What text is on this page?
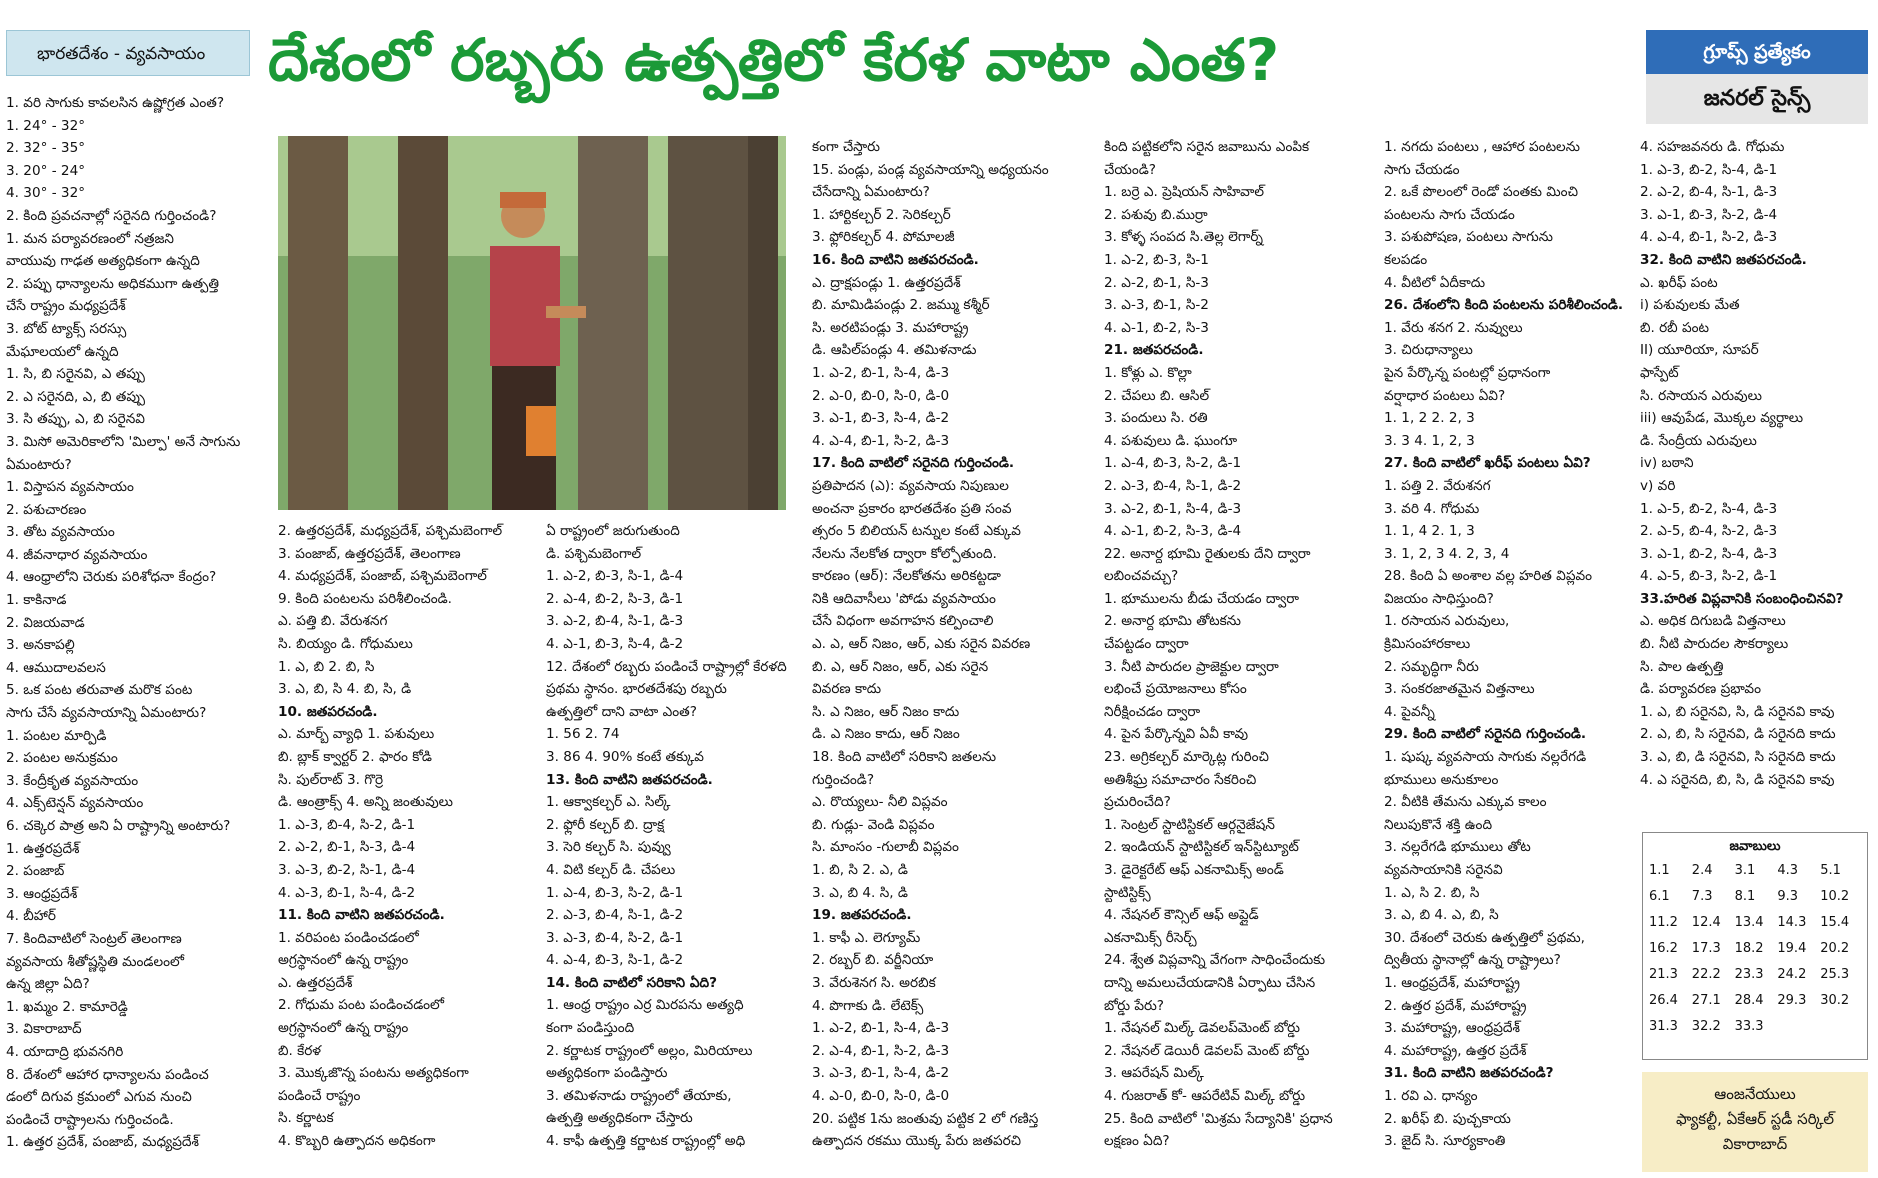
భారతదేశం - వ్యవసాయం	దేశంలో రబ్బరు ఉత్పత్తిలో కేరళ వాటా ఎంత?	గ్రూప్స్ ప్రత్యేకం
జనరల్ సైన్స్
1. వరి సాగుకు కావలసిన ఉష్ణోగ్రత ఎంత?
1. 24° - 32°
2. 32° - 35°
3. 20° - 24°
4. 30° - 32°
2. కింది ప్రవచనాల్లో సరైనది గుర్తించండి?
1. మన పర్యావరణంలో నత్రజని
వాయువు గాఢత అత్యధికంగా ఉన్నది
2. పప్పు ధాన్యాలను అధికముగా ఉత్పత్తి
చేసే రాష్ట్రం మధ్యప్రదేశ్
3. బోట్ ట్యాక్స్ సరస్సు
మేఘాలయలో ఉన్నది
1. సి, బి సరైనవి, ఎ తప్పు
2. ఎ సరైనది, ఎ, బి తప్పు
3. సి తప్పు, ఎ, బి సరైనవి
3. మిసో అమెరికాలోని 'మిల్పా' అనే సాగును
ఏమంటారు?
1. విస్తాపన వ్యవసాయం
2. పశుచారణం
3. తోట వ్యవసాయం
4. జీవనాధార వ్యవసాయం
4. ఆంధ్రాలోని చెరుకు పరిశోధనా కేంద్రం?
1. కాకినాడ
2. విజయవాడ
3. అనకాపల్లి
4. ఆముదాలవలస
5. ఒక పంట తరువాత మరొక పంట
సాగు చేసే వ్యవసాయాన్ని ఏమంటారు?
1. పంటల మార్పిడి
2. పంటల అనుక్రమం
3. కేంద్రీకృత వ్యవసాయం
4. ఎక్స్‌టెన్షన్ వ్యవసాయం
6. చక్కెర పాత్ర అని ఏ రాష్ట్రాన్ని అంటారు?
1. ఉత్తరప్రదేశ్
2. పంజాబ్
3. ఆంధ్రప్రదేశ్
4. బీహార్
7. కిందివాటిలో సెంట్రల్ తెలంగాణ
వ్యవసాయ శీతోష్ణస్థితి మండలంలో
ఉన్న జిల్లా ఏది?
1. ఖమ్మం 2. కామారెడ్డి
3. వికారాబాద్
4. యాదాద్రి భువనగిరి
8. దేశంలో ఆహార ధాన్యాలను పండించ
డంలో దిగువ క్రమంలో ఎగువ నుంచి
పండించే రాష్ట్రాలను గుర్తించండి.
1. ఉత్తర ప్రదేశ్, పంజాబ్, మధ్యప్రదేశ్
2. ఉత్తరప్రదేశ్, మధ్యప్రదేశ్, పశ్చిమబెంగాల్
3. పంజాబ్, ఉత్తరప్రదేశ్, తెలంగాణ
4. మధ్యప్రదేశ్, పంజాబ్, పశ్చిమబెంగాల్
9. కింది పంటలను పరిశీలించండి.
ఎ. పత్తి బి. వేరుశనగ
సి. బియ్యం డి. గోధుమలు
1. ఎ, బి 2. బి, సి
3. ఎ, బి, సి 4. బి, సి, డి
10. జతపరచండి.
ఎ. మార్బ్ వ్యాధి 1. పశువులు
బి. బ్లాక్ క్వార్టర్ 2. ఫారం కోడి
సి. పుల్‌రాట్ 3. గొర్రె
డి. ఆంత్రాక్స్ 4. అన్ని జంతువులు
1. ఎ-3, బి-4, సి-2, డి-1
2. ఎ-2, బి-1, సి-3, డి-4
3. ఎ-3, బి-2, సి-1, డి-4
4. ఎ-3, బి-1, సి-4, డి-2
11. కింది వాటిని జతపరచండి.
1. వరిపంట పండించడంలో
అగ్రస్థానంలో ఉన్న రాష్ట్రం
ఎ. ఉత్తరప్రదేశ్
2. గోధుమ పంట పండించడంలో
అగ్రస్థానంలో ఉన్న రాష్ట్రం
బి. కేరళ
3. మొక్కజొన్న పంటను అత్యధికంగా
పండించే రాష్ట్రం
సి. కర్ణాటక
4. కొబ్బరి ఉత్పాదన అధికంగా
ఏ రాష్ట్రంలో జరుగుతుంది
డి. పశ్చిమబెంగాల్
1. ఎ-2, బి-3, సి-1, డి-4
2. ఎ-4, బి-2, సి-3, డి-1
3. ఎ-2, బి-4, సి-1, డి-3
4. ఎ-1, బి-3, సి-4, డి-2
12. దేశంలో రబ్బరు పండించే రాష్ట్రాల్లో కేరళది
ప్రథమ స్థానం. భారతదేశపు రబ్బరు
ఉత్పత్తిలో దాని వాటా ఎంత?
1. 56 2. 74
3. 86 4. 90% కంటే తక్కువ
13. కింది వాటిని జతపరచండి.
1. ఆక్వాకల్చర్ ఎ. సిల్క్
2. ఫ్లోరీ కల్చర్ బి. ద్రాక్ష
3. సెరి కల్చర్ సి. పువ్వు
4. విటి కల్చర్ డి. చేపలు
1. ఎ-4, బి-3, సి-2, డి-1
2. ఎ-3, బి-4, సి-1, డి-2
3. ఎ-3, బి-4, సి-2, డి-1
4. ఎ-4, బి-3, సి-1, డి-2
14. కింది వాటిలో సరికాని ఏది?
1. ఆంధ్ర రాష్ట్రం ఎర్ర మిరపను అత్యధి
కంగా పండిస్తుంది
2. కర్ణాటక రాష్ట్రంలో అల్లం, మిరియాలు
అత్యధికంగా పండిస్తారు
3. తమిళనాడు రాష్ట్రంలో తేయాకు,
ఉత్పత్తి అత్యధికంగా చేస్తారు
4. కాఫీ ఉత్పత్తి కర్ణాటక రాష్ట్రంల్లో అధి
కంగా చేస్తారు
15. పండ్లు, పండ్ల వ్యవసాయాన్ని అధ్యయనం
చేసేదాన్ని ఏమంటారు?
1. హార్టికల్చర్ 2. సెరికల్చర్
3. ఫ్లోరికల్చర్ 4. పోమాలజీ
16. కింది వాటిని జతపరచండి.
ఎ. ద్రాక్షపండ్లు 1. ఉత్తరప్రదేశ్
బి. మామిడిపండ్లు 2. జమ్ము కశ్మీర్
సి. అరటిపండ్లు 3. మహారాష్ట్ర
డి. ఆపిల్‌పండ్లు 4. తమిళనాడు
1. ఎ-2, బి-1, సి-4, డి-3
2. ఎ-0, బి-0, సి-0, డి-0
3. ఎ-1, బి-3, సి-4, డి-2
4. ఎ-4, బి-1, సి-2, డి-3
17. కింది వాటిలో సరైనది గుర్తించండి.
ప్రతిపాదన (ఎ): వ్యవసాయ నిపుణుల
అంచనా ప్రకారం భారతదేశం ప్రతి సంవ
త్సరం 5 బిలియన్ టన్నుల కంటే ఎక్కువ
నేలను నేలకోత ద్వారా కోల్పోతుంది.
కారణం (ఆర్): నేలకోతను అరికట్టడా
నికి ఆదివాసీలు 'పోడు వ్యవసాయం
చేసే విధంగా అవగాహన కల్పించాలి
ఎ. ఎ, ఆర్ నిజం, ఆర్, ఎకు సరైన వివరణ
బి. ఎ, ఆర్ నిజం, ఆర్, ఎకు సరైన
వివరణ కాదు
సి. ఎ నిజం, ఆర్ నిజం కాదు
డి. ఎ నిజం కాదు, ఆర్ నిజం
18. కింది వాటిలో సరికాని జతలను
గుర్తించండి?
ఎ. రొయ్యలు- నీలి విప్లవం
బి. గుడ్లు- వెండి విప్లవం
సి. మాంసం -గులాబీ విప్లవం
1. బి, సి 2. ఎ, డి
3. ఎ, బి 4. సి, డి
19. జతపరచండి.
1. కాఫీ ఎ. లెగ్యూమ్
2. రబ్బర్ బి. వర్జీనియా
3. వేరుశెనగ సి. అరబిక
4. పొగాకు డి. లేటెక్స్
1. ఎ-2, బి-1, సి-4, డి-3
2. ఎ-4, బి-1, సి-2, డి-3
3. ఎ-3, బి-1, సి-4, డి-2
4. ఎ-0, బి-0, సి-0, డి-0
20. పట్టిక 1ను జంతువు పట్టిక 2 లో గణిస్త
ఉత్పాదన రకము యొక్క పేరు జతపరచి
కింది పట్టికలోని సరైన జవాబును ఎంపిక
చేయండి?
1. బర్రె ఎ. ప్రెషియన్ సాహివాల్
2. పశువు బి.ముర్రా
3. కోళ్ళ సంపద సి.తెల్ల లెగార్న్
1. ఎ-2, బి-3, సి-1
2. ఎ-2, బి-1, సి-3
3. ఎ-3, బి-1, సి-2
4. ఎ-1, బి-2, సి-3
21. జతపరచండి.
1. కోళ్లు ఎ. కొల్లా
2. చేపలు బి. ఆసిల్
3. పందులు సి. రతి
4. పశువులు డి. ఘుంగూ
1. ఎ-4, బి-3, సి-2, డి-1
2. ఎ-3, బి-4, సి-1, డి-2
3. ఎ-2, బి-1, సి-4, డి-3
4. ఎ-1, బి-2, సి-3, డి-4
22. అనార్ద భూమి రైతులకు దేని ద్వారా
లబించవచ్చు?
1. భూములను బీడు చేయడం ద్వారా
2. అనార్ద భూమి తోటకను
చేపట్టడం ద్వారా
3. నీటి పారుదల ప్రాజెక్టుల ద్వారా
లభించే ప్రయోజనాలు కోసం
నిరీక్షించడం ద్వారా
4. పైన పేర్కొన్నవి ఏవీ కావు
23. అగ్రికల్చర్ మార్కెట్ల గురించి
అతిశీఘ్ర సమాచారం సేకరించి
ప్రచురించేది?
1. సెంట్రల్ స్టాటిస్టికల్ ఆర్గనైజేషన్
2. ఇండియన్ స్టాటిస్టికల్ ఇన్‌స్టిట్యూట్
3. డైరెక్టరేట్ ఆఫ్ ఎకనామిక్స్ అండ్
స్టాటిస్టిక్స్
4. నేషనల్ కౌన్సిల్ ఆఫ్ అప్లైడ్
ఎకనామిక్స్ రీసెర్చ్
24. శ్వేత విప్లవాన్ని వేగంగా సాధించేందుకు
దాన్ని అమలుచేయడానికి ఏర్పాటు చేసిన
బోర్డు పేరు?
1. నేషనల్ మిల్క్ డెవలప్‌మెంట్ బోర్డు
2. నేషనల్ డెయిరీ డెవలప్ మెంట్ బోర్డు
3. ఆపరేషన్ మిల్క్
4. గుజరాత్ కో- ఆపరేటివ్ మిల్క్ బోర్డు
25. కింది వాటిలో 'మిశ్రమ సేద్యానికి' ప్రధాన
లక్షణం ఏది?
1. నగదు పంటలు , ఆహార పంటలను
సాగు చేయడం
2. ఒకే పొలంలో రెండో పంతకు మించి
పంటలను సాగు చేయడం
3. పశుపోషణ, పంటలు సాగును
కలపడం
4. వీటిలో ఏదీకాదు
26. దేశంలోని కింది పంటలను పరిశీలించండి.
1. వేరు శనగ 2. నువ్వులు
3. చిరుధాన్యాలు
పైన పేర్కొన్న పంటల్లో ప్రధానంగా
వర్షాధార పంటలు ఏవి?
1. 1, 2 2. 2, 3
3. 3 4. 1, 2, 3
27. కింది వాటిలో ఖరీఫ్ పంటలు ఏవి?
1. పత్తి 2. వేరుశనగ
3. వరి 4. గోధుమ
1. 1, 4 2. 1, 3
3. 1, 2, 3 4. 2, 3, 4
28. కింది ఏ అంశాల వల్ల హరిత విప్లవం
విజయం సాధిస్తుంది?
1. రసాయన ఎరువులు,
క్రిమిసంహారకాలు
2. సమృద్ధిగా నీరు
3. సంకరజాతమైన విత్తనాలు
4. పైవన్నీ
29. కింది వాటిలో సరైనది గుర్తించండి.
1. షుష్క వ్యవసాయ సాగుకు నల్లరేగడి
భూములు అనుకూలం
2. వీటికి తేమను ఎక్కువ కాలం
నిలుపుకొనే శక్తి ఉంది
3. నల్లరేగడి భూములు తోట
వ్యవసాయానికి సరైనవి
1. ఎ, సి 2. బి, సి
3. ఎ, బి 4. ఎ, బి, సి
30. దేశంలో చెరుకు ఉత్పత్తిలో ప్రథమ,
ద్వితీయ స్థానాల్లో ఉన్న రాష్ట్రాలు?
1. ఆంధ్రప్రదేశ్, మహారాష్ట్ర
2. ఉత్తర ప్రదేశ్, మహారాష్ట్ర
3. మహారాష్ట్ర, ఆంధ్రప్రదేశ్
4. మహారాష్ట్ర, ఉత్తర ప్రదేశ్
31. కింది వాటిని జతపరచండి?
1. రవి ఎ. ధాన్యం
2. ఖరీఫ్ బి. పుచ్చకాయ
3. జైద్ సి. సూర్యకాంతి
4. సహజవనరు డి. గోధుమ
1. ఎ-3, బి-2, సి-4, డి-1
2. ఎ-2, బి-4, సి-1, డి-3
3. ఎ-1, బి-3, సి-2, డి-4
4. ఎ-4, బి-1, సి-2, డి-3
32. కింది వాటిని జతపరచండి.
ఎ. ఖరీఫ్ పంట
i) పశువులకు మేత
బి. రబీ పంట
II) యూరియా, సూపర్
ఫాస్పేట్
సి. రసాయన ఎరువులు
iii) ఆవుపేడ, మొక్కల వ్యర్థాలు
డి. సేంద్రీయ ఎరువులు
iv) బఠాని
v) వరి
1. ఎ-5, బి-2, సి-4, డి-3
2. ఎ-5, బి-4, సి-2, డి-3
3. ఎ-1, బి-2, సి-4, డి-3
4. ఎ-5, బి-3, సి-2, డి-1
33.హరిత విప్లవానికి సంబంధించినవి?
ఎ. అధిక దిగుబడి విత్తనాలు
బి. నీటి పారుదల సౌకర్యాలు
సి. పాల ఉత్పత్తి
డి. పర్యావరణ ప్రభావం
1. ఎ, బి సరైనవి, సి, డి సరైనవి కావు
2. ఎ, బి, సి సరైనవి, డి సరైనది కాదు
3. ఎ, బి, డి సరైనవి, సి సరైనది కాదు
4. ఎ సరైనది, బి, సి, డి సరైనవి కావు
జవాబులు
1.1	2.4	3.1	4.3	5.1
6.1	7.3	8.1	9.3	10.2
11.2	12.4	13.4	14.3	15.4
16.2	17.3	18.2	19.4	20.2
21.3	22.2	23.3	24.2	25.3
26.4	27.1	28.4	29.3	30.2
31.3	32.2	33.3
ఆంజనేయులు
ఫ్యాకల్టీ, ఏకేఆర్ స్టడీ సర్కిల్
వికారాబాద్
